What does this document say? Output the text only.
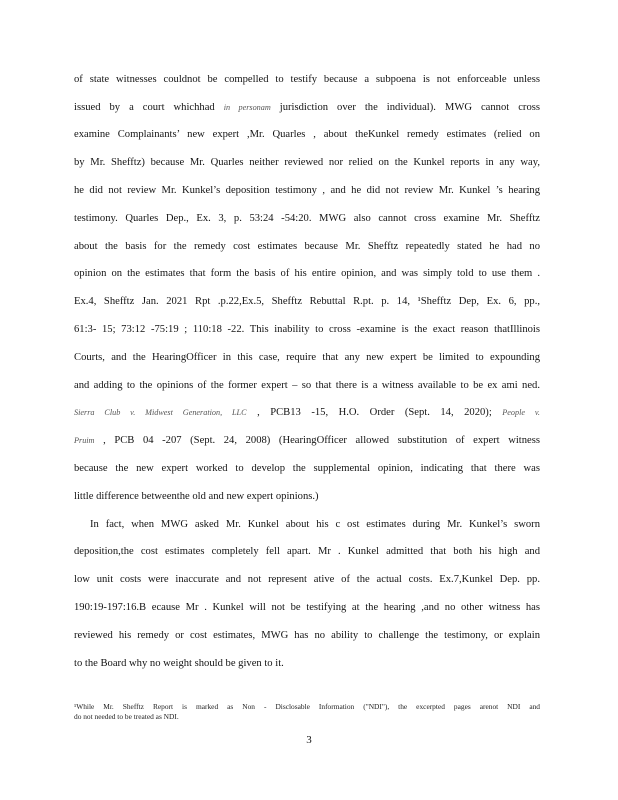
of state witnesses couldnot be compelled to testify because a subpoena is not enforceable unless
issued by a court whichhad in personam jurisdiction over the individual). MWG cannot cross
examine Complainants’ new expert ,Mr. Quarles , about theKunkel remedy estimates (relied on
by Mr. Shefftz) because Mr. Quarles neither reviewed nor relied on the Kunkel reports in any way,
he did not review Mr. Kunkel’s deposition testimony , and he did not review Mr. Kunkel ’s hearing
testimony. Quarles Dep., Ex. 3, p. 53:24 -54:20. MWG also cannot cross examine Mr. Shefftz
about the basis for the remedy cost estimates because Mr. Shefftz repeatedly stated he had no
opinion on the estimates that form the basis of his entire opinion, and was simply told to use them .
Ex.4, Shefftz Jan. 2021 Rpt .p.22,Ex.5, Shefftz Rebuttal R.pt. p. 14, ¹Shefftz Dep, Ex. 6, pp.,
61:3- 15; 73:12 -75:19 ; 110:18 -22. This inability to cross -examine is the exact reason thatIllinois
Courts, and the HearingOfficer in this case, require that any new expert be limited to expounding
and adding to the opinions of the former expert – so that there is a witness available to be ex ami ned.
Sierra Club v. Midwest Generation, LLC , PCB13 -15, H.O. Order (Sept. 14, 2020); People v.
Pruim , PCB 04 -207 (Sept. 24, 2008) (HearingOfficer allowed substitution of expert witness
because the new expert worked to develop the supplemental opinion, indicating that there was
little difference betweenthe old and new expert opinions.)
In fact, when MWG asked Mr. Kunkel about his c ost estimates during Mr. Kunkel’s sworn
deposition,the cost estimates completely fell apart. Mr . Kunkel admitted that both his high and
low unit costs were inaccurate and not represent ative of the actual costs. Ex.7,Kunkel Dep. pp.
190:19-197:16.B ecause Mr . Kunkel will not be testifying at the hearing ,and no other witness has
reviewed his remedy or cost estimates, MWG has no ability to challenge the testimony, or explain
to the Board why no weight should be given to it.
¹While Mr. Shefftz Report is marked as Non - Disclosable Information ("NDI"), the excerpted pages arenot NDI and
do not needed to be treated as NDI.
3
